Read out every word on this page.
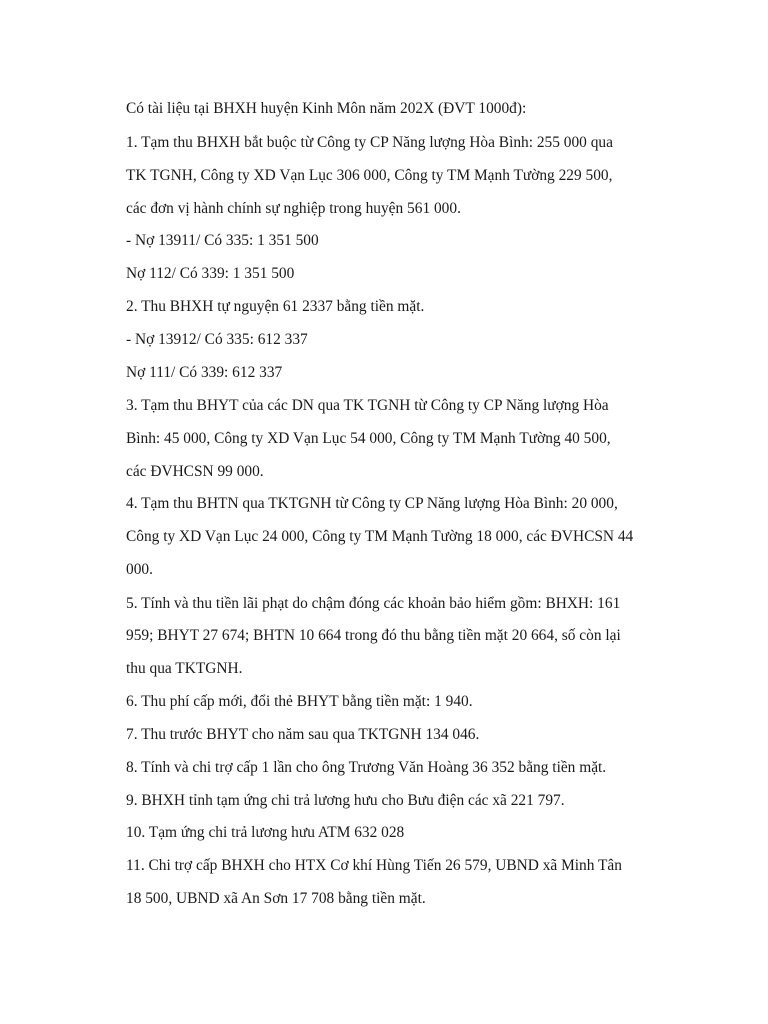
Có tài liệu tại BHXH huyện Kinh Môn năm 202X (ĐVT 1000đ):

1. Tạm thu BHXH bắt buộc từ Công ty CP Năng lượng Hòa Bình: 255 000 qua

TK TGNH, Công ty XD Vạn Lục 306 000, Công ty TM Mạnh Tường 229 500,

các đơn vị hành chính sự nghiệp trong huyện 561 000.

- Nợ 13911/ Có 335: 1 351 500

Nợ 112/ Có 339: 1 351 500

2. Thu BHXH tự nguyện 61 2337 bằng tiền mặt.

- Nợ 13912/ Có 335: 612 337

Nợ 111/ Có 339: 612 337

3. Tạm thu BHYT của các DN qua TK TGNH từ Công ty CP Năng lượng Hòa

Bình: 45 000, Công ty XD Vạn Lục 54 000, Công ty TM Mạnh Tường 40 500,

các ĐVHCSN 99 000.

4. Tạm thu BHTN qua TKTGNH từ Công ty CP Năng lượng Hòa Bình: 20 000,

Công ty XD Vạn Lục 24 000, Công ty TM Mạnh Tường 18 000, các ĐVHCSN 44

000.

5. Tính và thu tiền lãi phạt do chậm đóng các khoản bảo hiểm gồm: BHXH: 161

959; BHYT 27 674; BHTN 10 664 trong đó thu bằng tiền mặt 20 664, số còn lại

thu qua TKTGNH.

6. Thu phí cấp mới, đổi thẻ BHYT bằng tiền mặt: 1 940.

7. Thu trước BHYT cho năm sau qua TKTGNH 134 046.

8. Tính và chi trợ cấp 1 lần cho ông Trương Văn Hoàng 36 352 bằng tiền mặt.

9. BHXH tỉnh tạm ứng chi trả lương hưu cho Bưu điện các xã 221 797.

10. Tạm ứng chi trả lương hưu ATM 632 028

11. Chi trợ cấp BHXH cho HTX Cơ khí Hùng Tiến 26 579, UBND xã Minh Tân

18 500, UBND xã An Sơn 17 708 bằng tiền mặt.
